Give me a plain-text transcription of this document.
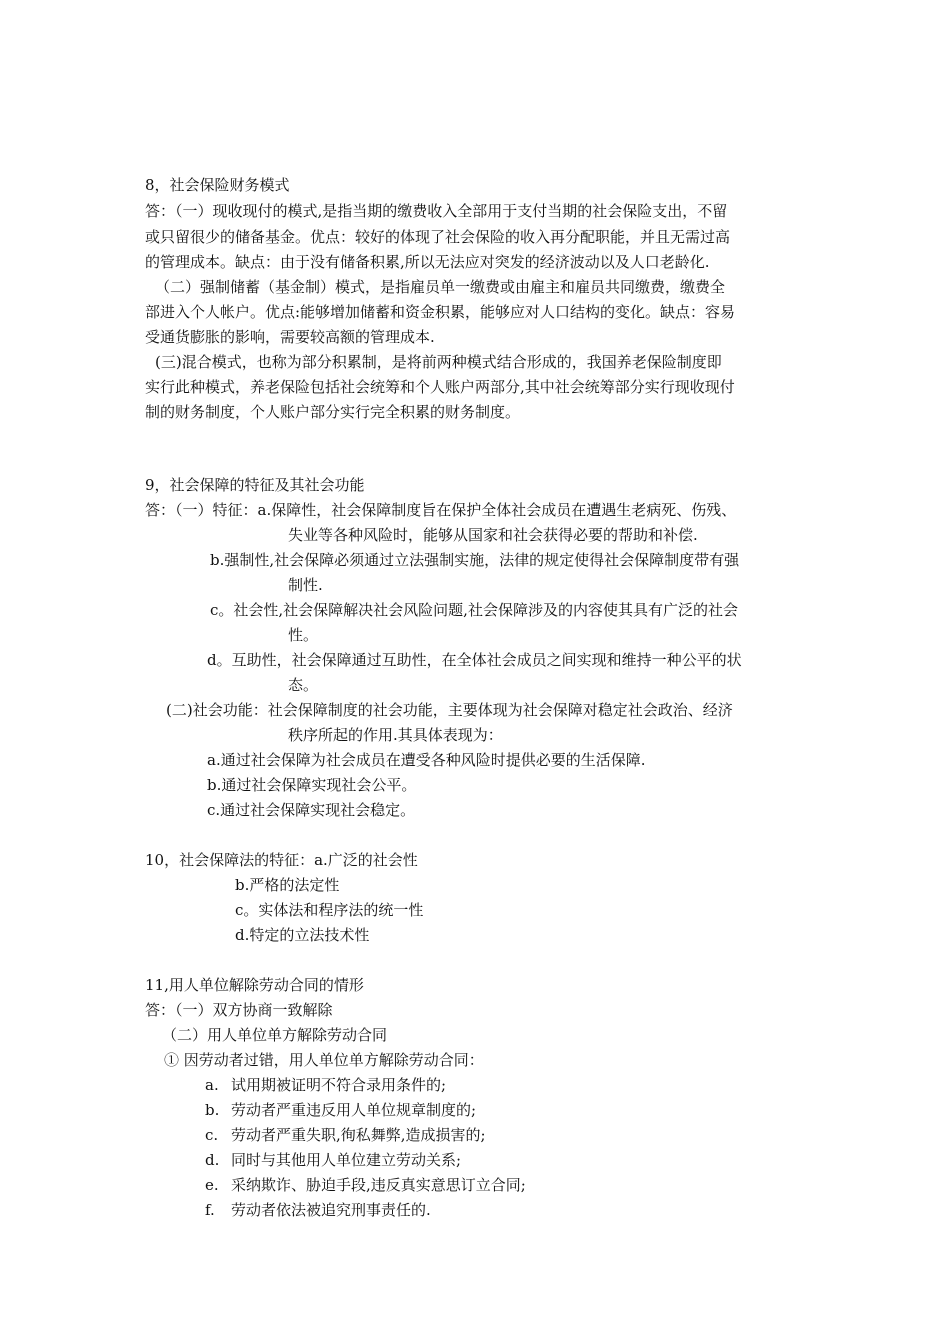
8，社会保险财务模式
答：（一）现收现付的模式,是指当期的缴费收入全部用于支付当期的社会保险支出，不留
或只留很少的储备基金。优点：较好的体现了社会保险的收入再分配职能，并且无需过高
的管理成本。缺点：由于没有储备积累,所以无法应对突发的经济波动以及人口老龄化.
（二）强制储蓄（基金制）模式，是指雇员单一缴费或由雇主和雇员共同缴费，缴费全
部进入个人帐户。优点:能够增加储蓄和资金积累，能够应对人口结构的变化。缺点：容易
受通货膨胀的影响，需要较高额的管理成本.
(三)混合模式，也称为部分积累制，是将前两种模式结合形成的，我国养老保险制度即
实行此种模式，养老保险包括社会统筹和个人账户两部分,其中社会统筹部分实行现收现付
制的财务制度，个人账户部分实行完全积累的财务制度。
9，社会保障的特征及其社会功能
答：（一）特征：a.保障性，社会保障制度旨在保护全体社会成员在遭遇生老病死、伤残、
失业等各种风险时，能够从国家和社会获得必要的帮助和补偿.
b.强制性,社会保障必须通过立法强制实施，法律的规定使得社会保障制度带有强
制性.
c。社会性,社会保障解决社会风险问题,社会保障涉及的内容使其具有广泛的社会
性。
d。互助性，社会保障通过互助性，在全体社会成员之间实现和维持一种公平的状
态。
(二)社会功能：社会保障制度的社会功能，主要体现为社会保障对稳定社会政治、经济
秩序所起的作用.其具体表现为：
a.通过社会保障为社会成员在遭受各种风险时提供必要的生活保障.
b.通过社会保障实现社会公平。
c.通过社会保障实现社会稳定。
10，社会保障法的特征：a.广泛的社会性
b.严格的法定性
c。实体法和程序法的统一性
d.特定的立法技术性
11,用人单位解除劳动合同的情形
答：（一）双方协商一致解除
（二）用人单位单方解除劳动合同
① 因劳动者过错，用人单位单方解除劳动合同：
a. 试用期被证明不符合录用条件的;
b. 劳动者严重违反用人单位规章制度的;
c. 劳动者严重失职,徇私舞弊,造成损害的;
d. 同时与其他用人单位建立劳动关系;
e. 采纳欺诈、胁迫手段,违反真实意思订立合同;
f. 劳动者依法被追究刑事责任的.
